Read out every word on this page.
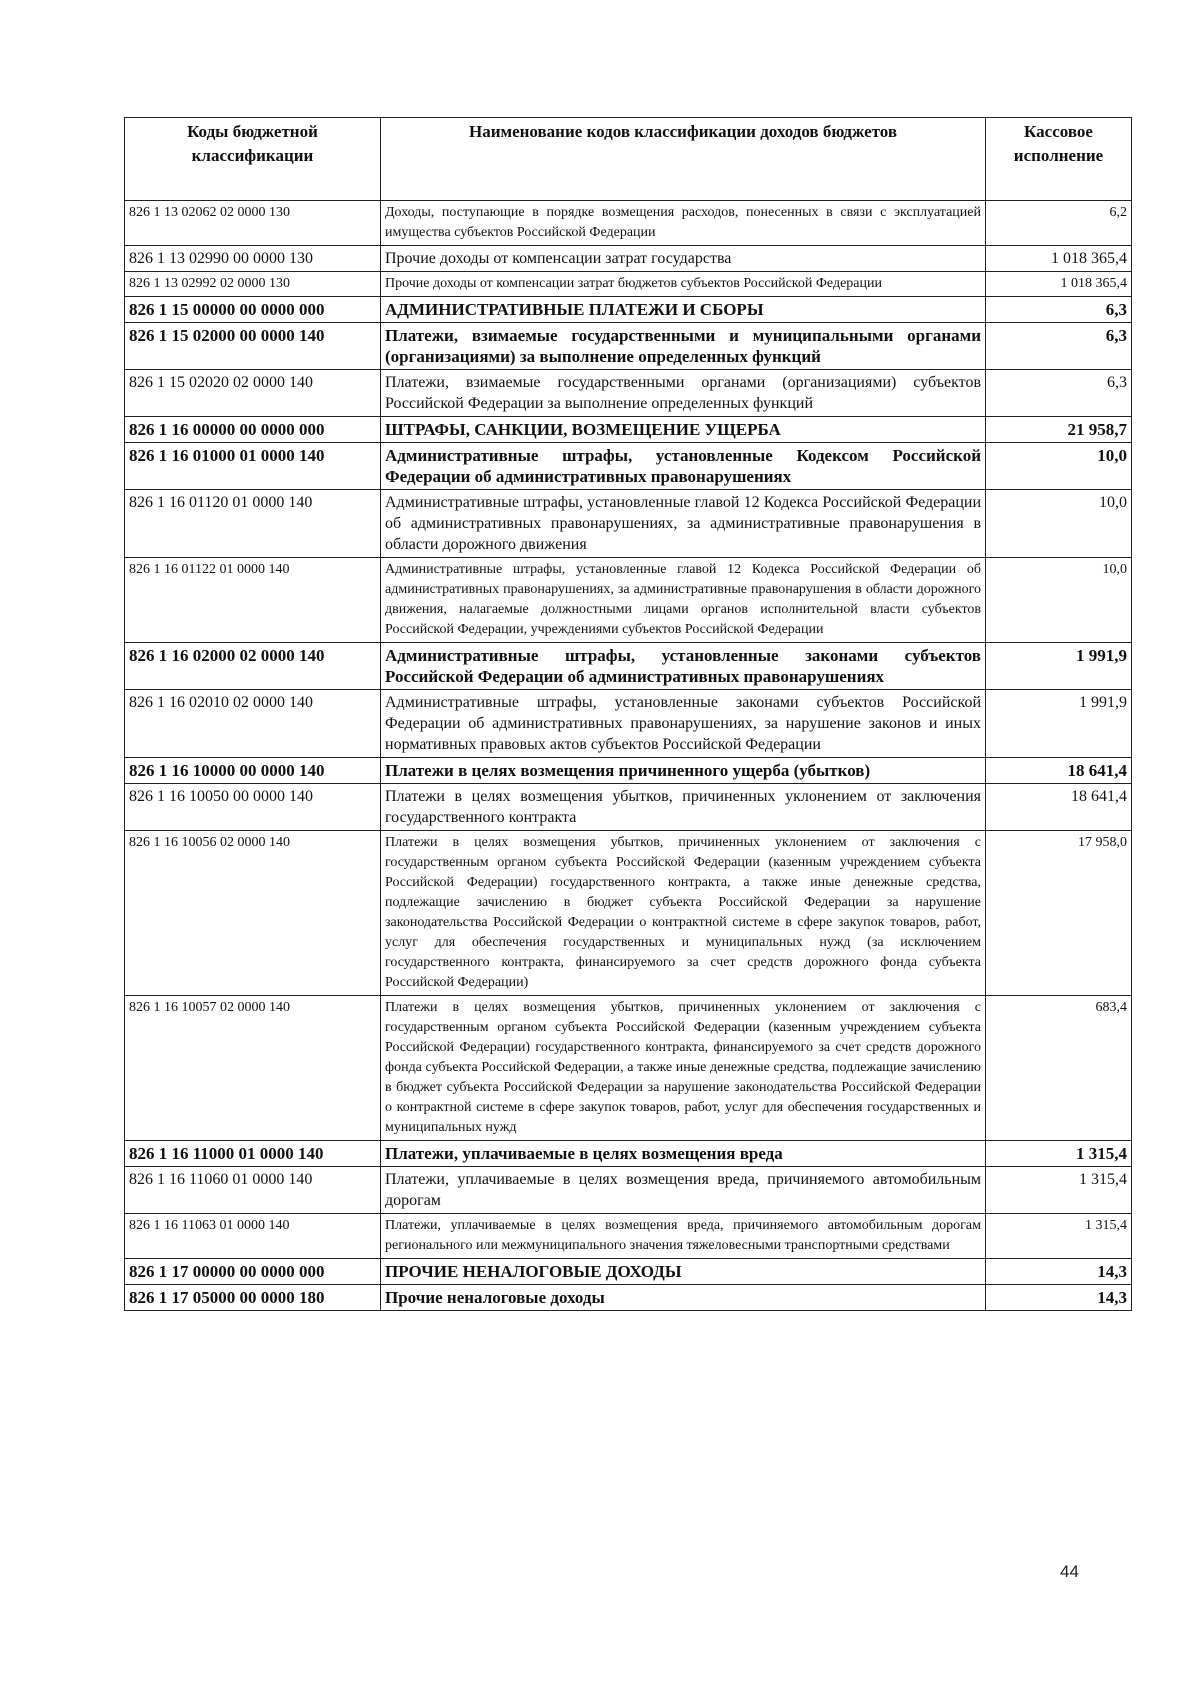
Коды бюджетной классификации	Наименование кодов классификации доходов бюджетов	Кассовое исполнение
826 1 13 02062 02 0000 130	Доходы, поступающие в порядке возмещения расходов, понесенных в связи с эксплуатацией имущества субъектов Российской Федерации	6,2
826 1 13 02990 00 0000 130	Прочие доходы от компенсации затрат государства	1 018 365,4
826 1 13 02992 02 0000 130	Прочие доходы от компенсации затрат бюджетов субъектов Российской Федерации	1 018 365,4
826 1 15 00000 00 0000 000	АДМИНИСТРАТИВНЫЕ ПЛАТЕЖИ И СБОРЫ	6,3
826 1 15 02000 00 0000 140	Платежи, взимаемые государственными и муниципальными органами (организациями) за выполнение определенных функций	6,3
826 1 15 02020 02 0000 140	Платежи, взимаемые государственными органами (организациями) субъектов Российской Федерации за выполнение определенных функций	6,3
826 1 16 00000 00 0000 000	ШТРАФЫ, САНКЦИИ, ВОЗМЕЩЕНИЕ УЩЕРБА	21 958,7
826 1 16 01000 01 0000 140	Административные штрафы, установленные Кодексом Российской Федерации об административных правонарушениях	10,0
826 1 16 01120 01 0000 140	Административные штрафы, установленные главой 12 Кодекса Российской Федерации об административных правонарушениях, за административные правонарушения в области дорожного движения	10,0
826 1 16 01122 01 0000 140	Административные штрафы, установленные главой 12 Кодекса Российской Федерации об административных правонарушениях, за административные правонарушения в области дорожного движения, налагаемые должностными лицами органов исполнительной власти субъектов Российской Федерации, учреждениями субъектов Российской Федерации	10,0
826 1 16 02000 02 0000 140	Административные штрафы, установленные законами субъектов Российской Федерации об административных правонарушениях	1 991,9
826 1 16 02010 02 0000 140	Административные штрафы, установленные законами субъектов Российской Федерации об административных правонарушениях, за нарушение законов и иных нормативных правовых актов субъектов Российской Федерации	1 991,9
826 1 16 10000 00 0000 140	Платежи в целях возмещения причиненного ущерба (убытков)	18 641,4
826 1 16 10050 00 0000 140	Платежи в целях возмещения убытков, причиненных уклонением от заключения государственного контракта	18 641,4
826 1 16 10056 02 0000 140	Платежи в целях возмещения убытков, причиненных уклонением от заключения с государственным органом субъекта Российской Федерации (казенным учреждением субъекта Российской Федерации) государственного контракта, а также иные денежные средства, подлежащие зачислению в бюджет субъекта Российской Федерации за нарушение законодательства Российской Федерации о контрактной системе в сфере закупок товаров, работ, услуг для обеспечения государственных и муниципальных нужд (за исключением государственного контракта, финансируемого за счет средств дорожного фонда субъекта Российской Федерации)	17 958,0
826 1 16 10057 02 0000 140	Платежи в целях возмещения убытков, причиненных уклонением от заключения с государственным органом субъекта Российской Федерации (казенным учреждением субъекта Российской Федерации) государственного контракта, финансируемого за счет средств дорожного фонда субъекта Российской Федерации, а также иные денежные средства, подлежащие зачислению в бюджет субъекта Российской Федерации за нарушение законодательства Российской Федерации о контрактной системе в сфере закупок товаров, работ, услуг для обеспечения государственных и муниципальных нужд	683,4
826 1 16 11000 01 0000 140	Платежи, уплачиваемые в целях возмещения вреда	1 315,4
826 1 16 11060 01 0000 140	Платежи, уплачиваемые в целях возмещения вреда, причиняемого автомобильным дорогам	1 315,4
826 1 16 11063 01 0000 140	Платежи, уплачиваемые в целях возмещения вреда, причиняемого автомобильным дорогам регионального или межмуниципального значения тяжеловесными транспортными средствами	1 315,4
826 1 17 00000 00 0000 000	ПРОЧИЕ НЕНАЛОГОВЫЕ ДОХОДЫ	14,3
826 1 17 05000 00 0000 180	Прочие неналоговые доходы	14,3
44
